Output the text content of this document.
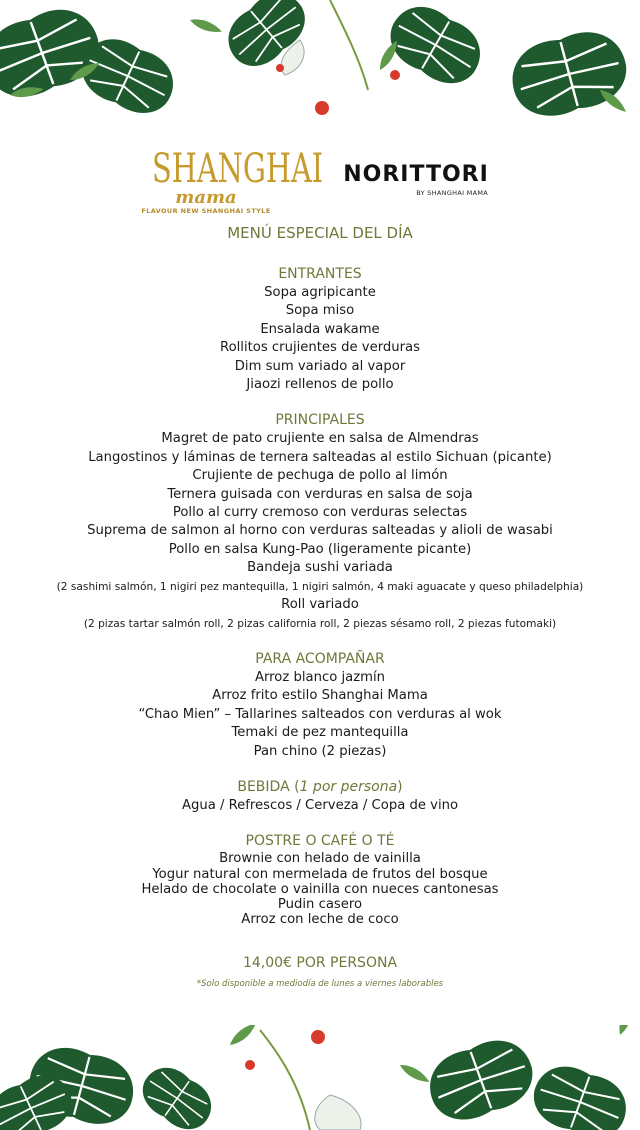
SHANGHAI
mama
FLAVOUR NEW SHANGHAI STYLE
NORITTORI
BY SHANGHAI MAMA
MENÚ ESPECIAL DEL DÍA
ENTRANTES
Sopa agripicante
Sopa miso
Ensalada wakame
Rollitos crujientes de verduras
Dim sum variado al vapor
Jiaozi rellenos de pollo
PRINCIPALES
Magret de pato crujiente en salsa de Almendras
Langostinos y láminas de ternera salteadas al estilo Sichuan (picante)
Crujiente de pechuga de pollo al limón
Ternera guisada con verduras en salsa de soja
Pollo al curry cremoso con verduras selectas
Suprema de salmon al horno con verduras salteadas y alioli de wasabi
Pollo en salsa Kung-Pao (ligeramente picante)
Bandeja sushi variada
(2 sashimi salmón, 1 nigiri pez mantequilla, 1 nigiri salmón, 4 maki aguacate y queso philadelphia)
Roll variado
(2 pizas tartar salmón roll, 2 pizas california roll, 2 piezas sésamo roll, 2 piezas futomaki)
PARA ACOMPAÑAR
Arroz blanco jazmín
Arroz frito estilo Shanghai Mama
“Chao Mien” – Tallarines salteados con verduras al wok
Temaki de pez mantequilla
Pan chino (2 piezas)
BEBIDA (1 por persona)
Agua / Refrescos / Cerveza / Copa de vino
POSTRE O CAFÉ O TÉ
Brownie con helado de vainilla
Yogur natural con mermelada de frutos del bosque
Helado de chocolate o vainilla con nueces cantonesas
Pudin casero
Arroz con leche de coco
14,00€ POR PERSONA
*Solo disponible a mediodía de lunes a viernes laborables
